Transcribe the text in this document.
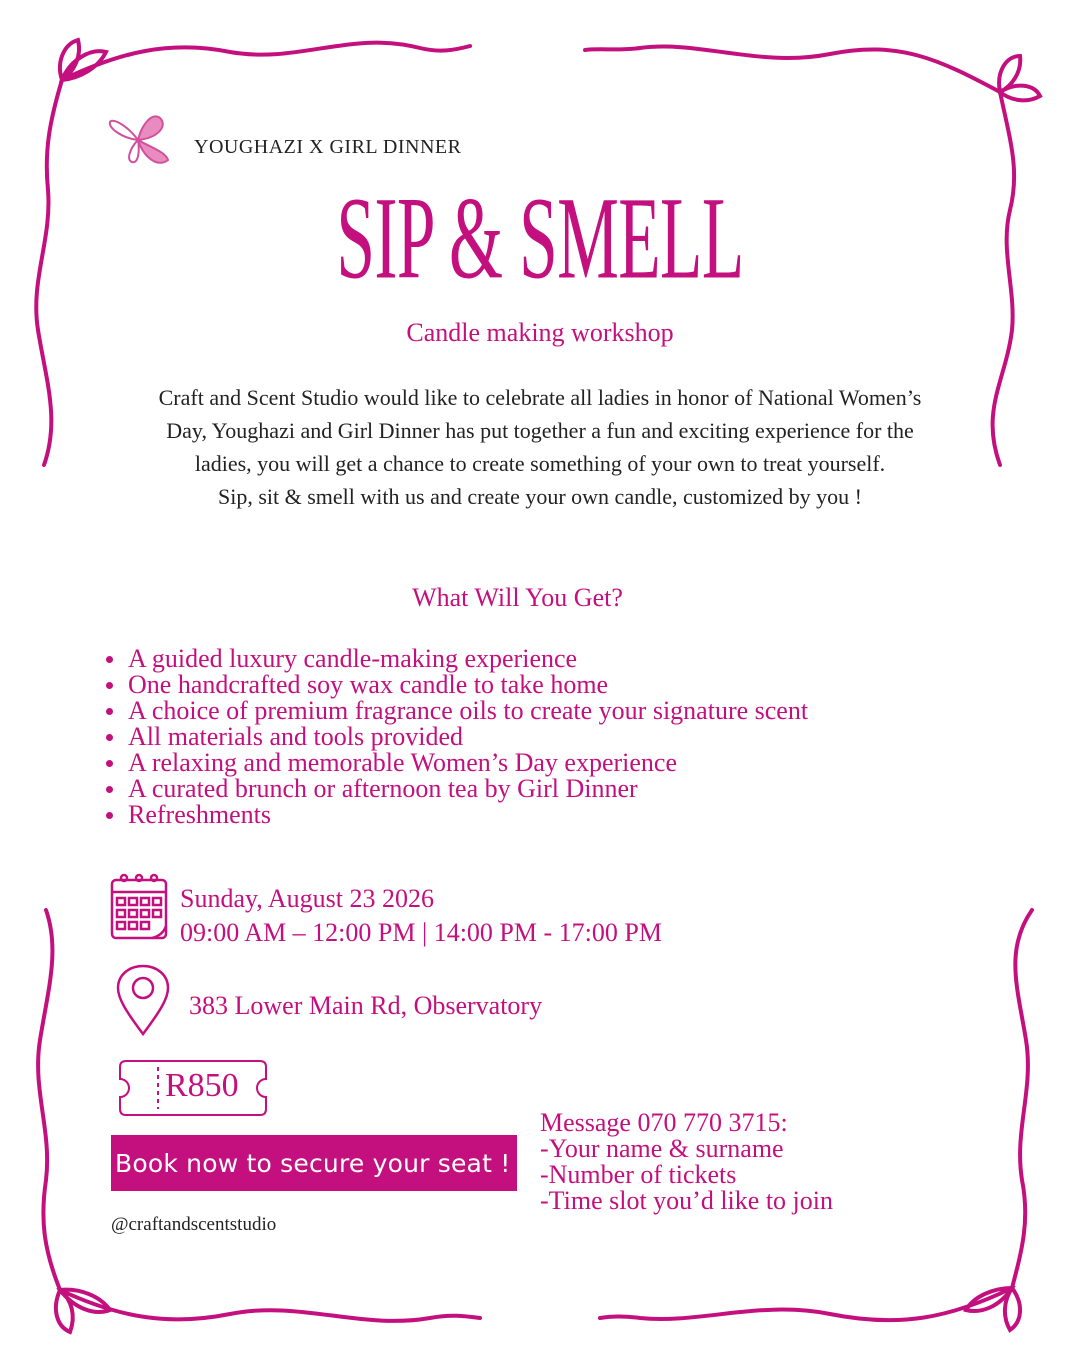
YOUGHAZI X GIRL DINNER
SIP & SMELL
Candle making workshop

Craft and Scent Studio would like to celebrate all ladies in honor of National Women’s Day, Youghazi and Girl Dinner has put together a fun and exciting experience for the ladies, you will get a chance to create something of your own to treat yourself.

Sip, sit & smell with us and create your own candle, customized by you !

What Will You Get?
A guided luxury candle-making experience
One handcrafted soy wax candle to take home
A choice of premium fragrance oils to create your signature scent
All materials and tools provided
A relaxing and memorable Women’s Day experience
A curated brunch or afternoon tea by Girl Dinner
Refreshments
Sunday, August 23 2026
09:00 AM – 12:00 PM | 14:00 PM - 17:00 PM
383 Lower Main Rd, Observatory
R850
Book now to secure your seat !
@craftandscentstudio
Message 070 770 3715:
-Your name & surname
-Number of tickets
-Time slot you’d like to join
